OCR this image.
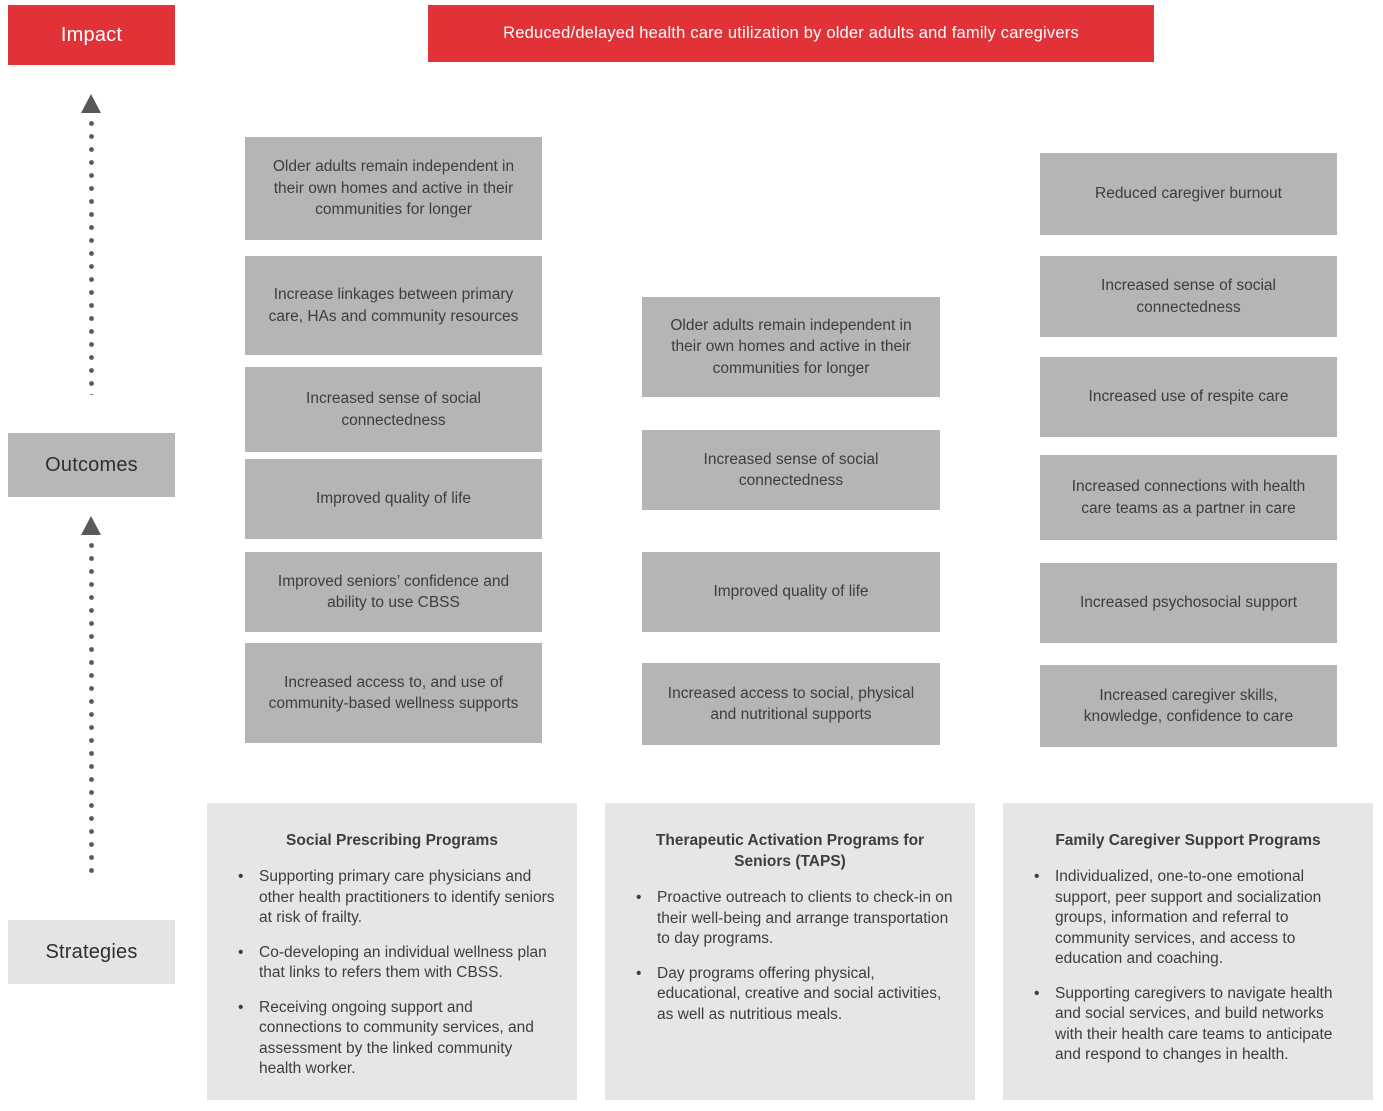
Impact	Reduced/delayed health care utilization by older adults and family caregivers
Outcomes
Strategies
Older adults remain independent in their own homes and active in their communities for longer
Increase linkages between primary care, HAs and community resources
Increased sense of social connectedness
Improved quality of life
Improved seniors’ confidence and ability to use CBSS
Increased access to, and use of community-based wellness supports
Older adults remain independent in their own homes and active in their communities for longer
Increased sense of social connectedness
Improved quality of life
Increased access to social, physical and nutritional supports
Reduced caregiver burnout
Increased sense of social connectedness
Increased use of respite care
Increased connections with health care teams as a partner in care
Increased psychosocial support
Increased caregiver skills, knowledge, confidence to care
Social Prescribing Programs
• Supporting primary care physicians and other health practitioners to identify seniors at risk of frailty.
• Co-developing an individual wellness plan that links to refers them with CBSS.
• Receiving ongoing support and connections to community services, and assessment by the linked community health worker.
Therapeutic Activation Programs for Seniors (TAPS)
• Proactive outreach to clients to check-in on their well-being and arrange transportation to day programs.
• Day programs offering physical, educational, creative and social activities, as well as nutritious meals.
Family Caregiver Support Programs
• Individualized, one-to-one emotional support, peer support and socialization groups, information and referral to community services, and access to education and coaching.
• Supporting caregivers to navigate health and social services, and build networks with their health care teams to anticipate and respond to changes in health.
